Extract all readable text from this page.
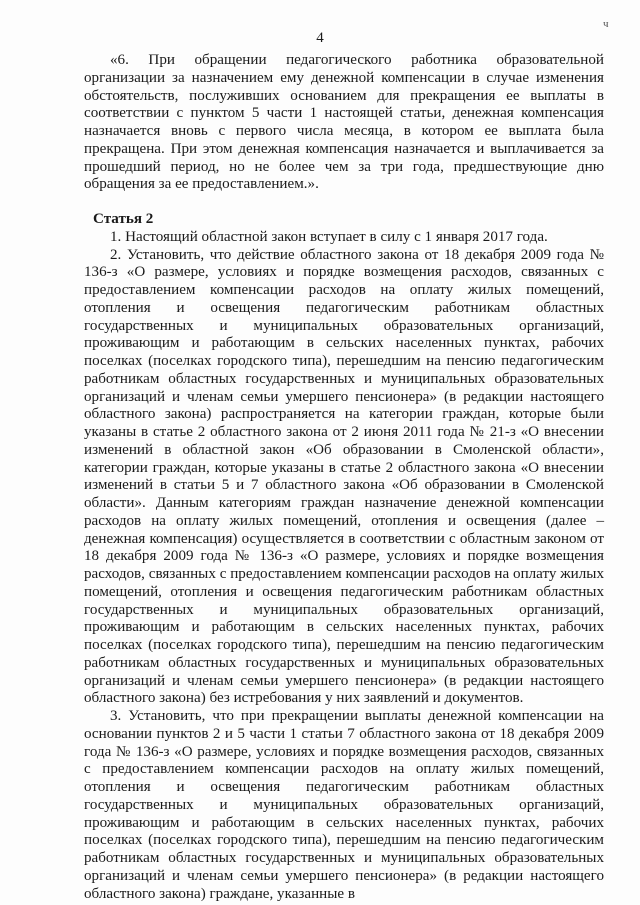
4
ч

«6. При обращении педагогического работника образовательной организации за назначением ему денежной компенсации в случае изменения обстоятельств, послуживших основанием для прекращения ее выплаты в соответствии с пунктом 5 части 1 настоящей статьи, денежная компенсация назначается вновь с первого числа месяца, в котором ее выплата была прекращена. При этом денежная компенсация назначается и выплачивается за прошедший период, но не более чем за три года, предшествующие дню обращения за ее предоставлением.».

Статья 2

1. Настоящий областной закон вступает в силу с 1 января 2017 года.

2. Установить, что действие областного закона от 18 декабря 2009 года № 136-з «О размере, условиях и порядке возмещения расходов, связанных с предоставлением компенсации расходов на оплату жилых помещений, отопления и освещения педагогическим работникам областных государственных и муниципальных образовательных организаций, проживающим и работающим в сельских населенных пунктах, рабочих поселках (поселках городского типа), перешедшим на пенсию педагогическим работникам областных государственных и муниципальных образовательных организаций и членам семьи умершего пенсионера» (в редакции настоящего областного закона) распространяется на категории граждан, которые были указаны в статье 2 областного закона от 2 июня 2011 года № 21-з «О внесении изменений в областной закон «Об образовании в Смоленской области», категории граждан, которые указаны в статье 2 областного закона «О внесении изменений в статьи 5 и 7 областного закона «Об образовании в Смоленской области». Данным категориям граждан назначение денежной компенсации расходов на оплату жилых помещений, отопления и освещения (далее – денежная компенсация) осуществляется в соответствии с областным законом от 18 декабря 2009 года № 136-з «О размере, условиях и порядке возмещения расходов, связанных с предоставлением компенсации расходов на оплату жилых помещений, отопления и освещения педагогическим работникам областных государственных и муниципальных образовательных организаций, проживающим и работающим в сельских населенных пунктах, рабочих поселках (поселках городского типа), перешедшим на пенсию педагогическим работникам областных государственных и муниципальных образовательных организаций и членам семьи умершего пенсионера» (в редакции настоящего областного закона) без истребования у них заявлений и документов.

3. Установить, что при прекращении выплаты денежной компенсации на основании пунктов 2 и 5 части 1 статьи 7 областного закона от 18 декабря 2009 года № 136-з «О размере, условиях и порядке возмещения расходов, связанных с предоставлением компенсации расходов на оплату жилых помещений, отопления и освещения педагогическим работникам областных государственных и муниципальных образовательных организаций, проживающим и работающим в сельских населенных пунктах, рабочих поселках (поселках городского типа), перешедшим на пенсию педагогическим работникам областных государственных и муниципальных образовательных организаций и членам семьи умершего пенсионера» (в редакции настоящего областного закона) граждане, указанные в
